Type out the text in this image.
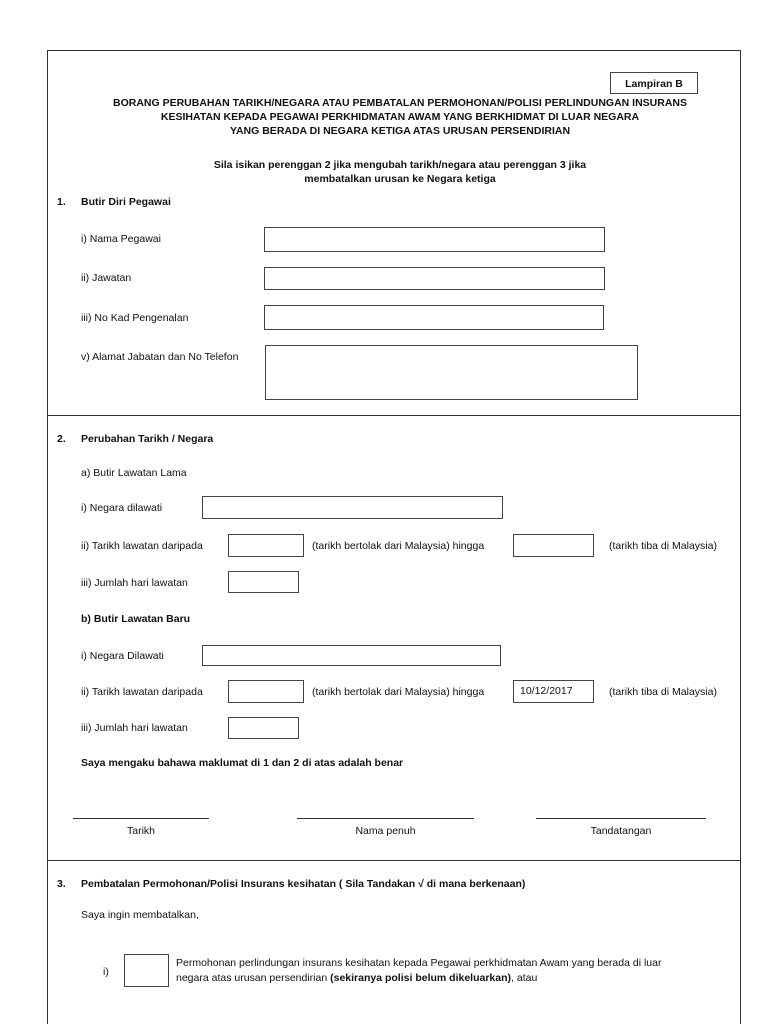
Lampiran B
BORANG PERUBAHAN TARIKH/NEGARA ATAU PEMBATALAN PERMOHONAN/POLISI PERLINDUNGAN INSURANS
KESIHATAN KEPADA PEGAWAI PERKHIDMATAN AWAM YANG BERKHIDMAT DI LUAR NEGARA
YANG BERADA DI NEGARA KETIGA ATAS URUSAN PERSENDIRIAN
Sila isikan perenggan 2 jika mengubah tarikh/negara atau perenggan 3 jika
membatalkan urusan ke Negara ketiga
1. Butir Diri Pegawai
i) Nama Pegawai
ii) Jawatan
iii) No Kad Pengenalan
v) Alamat Jabatan dan No Telefon
2. Perubahan Tarikh / Negara
a) Butir Lawatan Lama
i) Negara dilawati
ii) Tarikh lawatan daripada	(tarikh bertolak dari Malaysia) hingga	(tarikh tiba di Malaysia)
iii) Jumlah hari lawatan
b) Butir Lawatan Baru
i) Negara Dilawati
ii) Tarikh lawatan daripada	(tarikh bertolak dari Malaysia) hingga	10/12/2017	(tarikh tiba di Malaysia)
iii) Jumlah hari lawatan
Saya mengaku bahawa maklumat di 1 dan 2 di atas adalah benar
Tarikh	Nama penuh	Tandatangan
3. Pembatalan Permohonan/Polisi Insurans kesihatan ( Sila Tandakan √ di mana berkenaan)
Saya ingin membatalkan,
i)
Permohonan perlindungan insurans kesihatan kepada Pegawai perkhidmatan Awam yang berada di luar
negara atas urusan persendirian (sekiranya polisi belum dikeluarkan), atau
